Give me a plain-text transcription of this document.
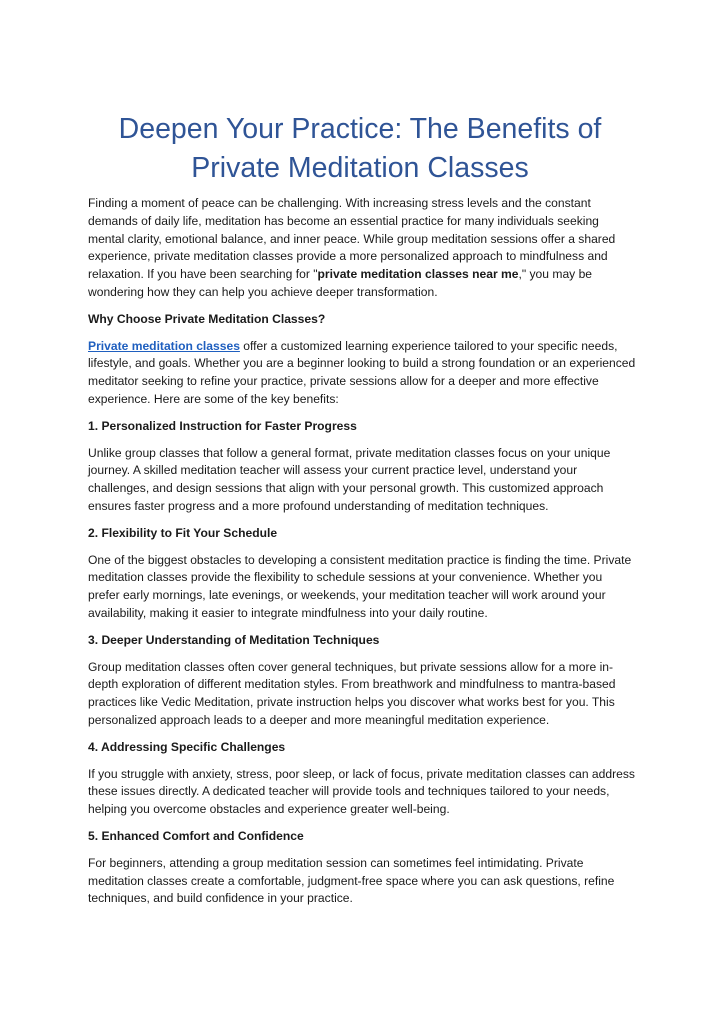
Deepen Your Practice: The Benefits of
Private Meditation Classes

Finding a moment of peace can be challenging. With increasing stress levels and the constant demands of daily life, meditation has become an essential practice for many individuals seeking mental clarity, emotional balance, and inner peace. While group meditation sessions offer a shared experience, private meditation classes provide a more personalized approach to mindfulness and relaxation. If you have been searching for "private meditation classes near me," you may be wondering how they can help you achieve deeper transformation.

Why Choose Private Meditation Classes?

Private meditation classes offer a customized learning experience tailored to your specific needs, lifestyle, and goals. Whether you are a beginner looking to build a strong foundation or an experienced meditator seeking to refine your practice, private sessions allow for a deeper and more effective experience. Here are some of the key benefits:

1. Personalized Instruction for Faster Progress

Unlike group classes that follow a general format, private meditation classes focus on your unique journey. A skilled meditation teacher will assess your current practice level, understand your challenges, and design sessions that align with your personal growth. This customized approach ensures faster progress and a more profound understanding of meditation techniques.

2. Flexibility to Fit Your Schedule

One of the biggest obstacles to developing a consistent meditation practice is finding the time. Private meditation classes provide the flexibility to schedule sessions at your convenience. Whether you prefer early mornings, late evenings, or weekends, your meditation teacher will work around your availability, making it easier to integrate mindfulness into your daily routine.

3. Deeper Understanding of Meditation Techniques

Group meditation classes often cover general techniques, but private sessions allow for a more in-depth exploration of different meditation styles. From breathwork and mindfulness to mantra-based practices like Vedic Meditation, private instruction helps you discover what works best for you. This personalized approach leads to a deeper and more meaningful meditation experience.

4. Addressing Specific Challenges

If you struggle with anxiety, stress, poor sleep, or lack of focus, private meditation classes can address these issues directly. A dedicated teacher will provide tools and techniques tailored to your needs, helping you overcome obstacles and experience greater well-being.

5. Enhanced Comfort and Confidence

For beginners, attending a group meditation session can sometimes feel intimidating. Private meditation classes create a comfortable, judgment-free space where you can ask questions, refine techniques, and build confidence in your practice.
